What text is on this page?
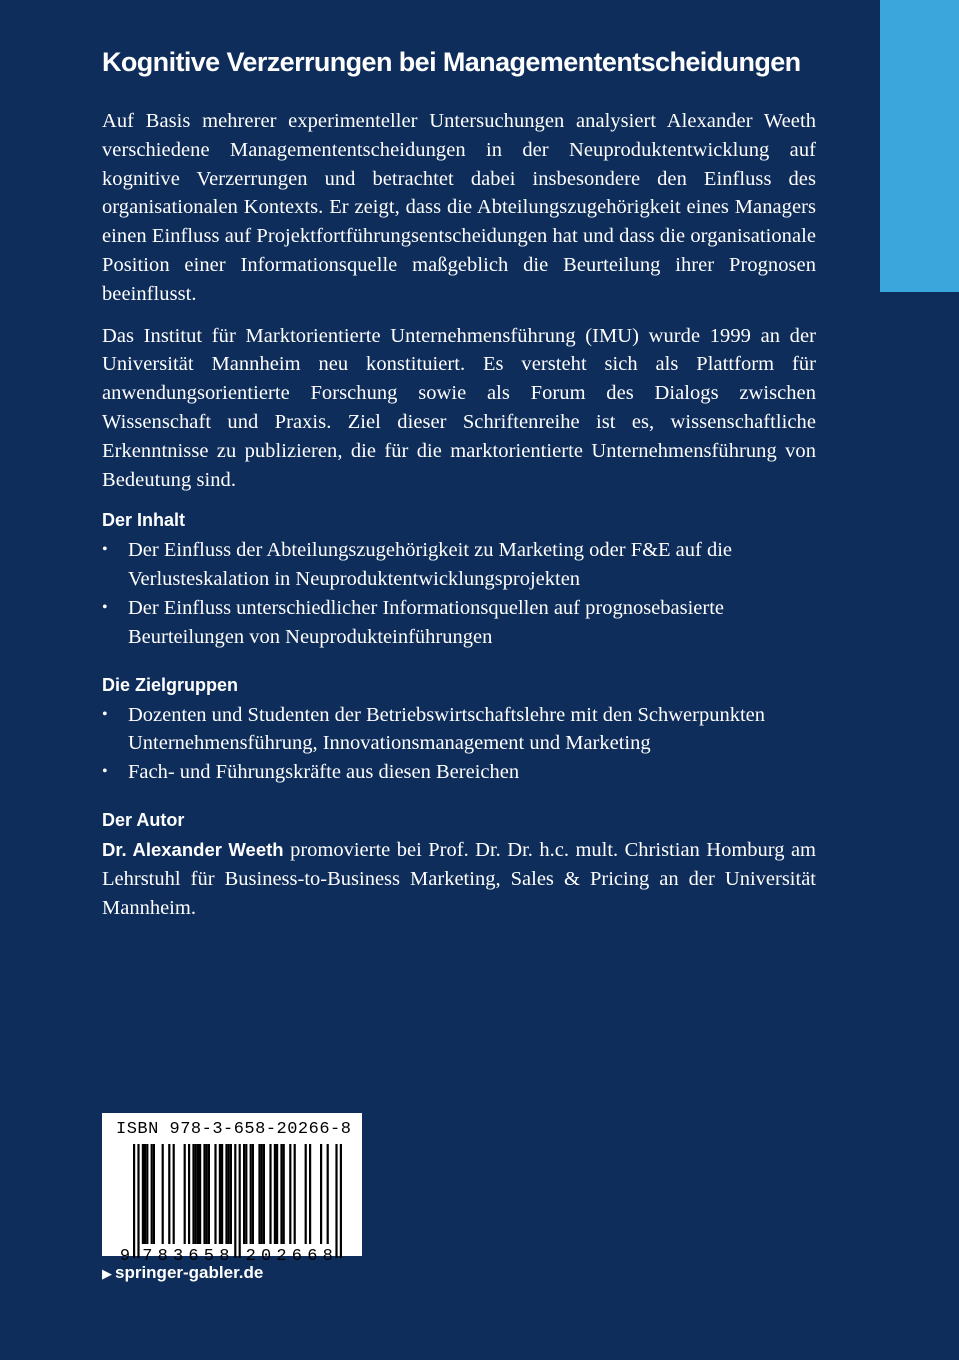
Kognitive Verzerrungen bei Managemententscheidungen

Auf Basis mehrerer experimenteller Untersuchungen analysiert Alexander Weeth verschiedene Managemententscheidungen in der Neuproduktentwicklung auf kognitive Verzerrungen und betrachtet dabei insbesondere den Einfluss des organisationalen Kontexts. Er zeigt, dass die Abteilungszugehörigkeit eines Managers einen Einfluss auf Projektfortführungsentscheidungen hat und dass die organisationale Position einer Informationsquelle maßgeblich die Beurteilung ihrer Prognosen beeinflusst.

Das Institut für Marktorientierte Unternehmensführung (IMU) wurde 1999 an der Universität Mannheim neu konstituiert. Es versteht sich als Plattform für anwendungsorientierte Forschung sowie als Forum des Dialogs zwischen Wissenschaft und Praxis. Ziel dieser Schriftenreihe ist es, wissenschaftliche Erkenntnisse zu publizieren, die für die marktorientierte Unternehmensführung von Bedeutung sind.

Der Inhalt
• Der Einfluss der Abteilungszugehörigkeit zu Marketing oder F&E auf die Verlusteskalation in Neuproduktentwicklungsprojekten
• Der Einfluss unterschiedlicher Informationsquellen auf prognosebasierte Beurteilungen von Neuprodukteinführungen
Die Zielgruppen
• Dozenten und Studenten der Betriebswirtschaftslehre mit den Schwerpunkten Unternehmensführung, Innovationsmanagement und Marketing
• Fach- und Führungskräfte aus diesen Bereichen
Der Autor

Dr. Alexander Weeth promovierte bei Prof. Dr. Dr. h.c. mult. Christian Homburg am Lehrstuhl für Business-to-Business Marketing, Sales & Pricing an der Universität Mannheim.

ISBN 978-3-658-20266-8
9 7 8 3 6 5 8 2 0 2 6 6 8
▶ springer-gabler.de
